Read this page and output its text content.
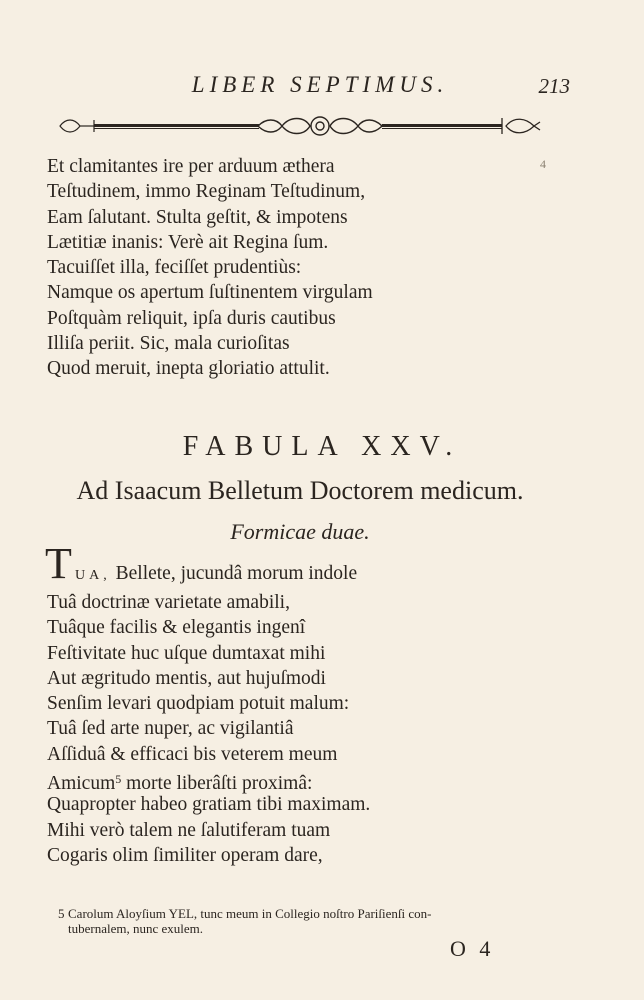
LIBER SEPTIMUS.	213
4
Et clamitantes ire per arduum æthera
Teſtudinem, immo Reginam Teſtudinum,
Eam ſalutant. Stulta geſtit, & impotens
Lætitiæ inanis: Verè ait Regina ſum.
Tacuiſſet illa, feciſſet prudentiùs:
Namque os apertum ſuſtinentem virgulam
Poſtquàm reliquit, ipſa duris cautibus
Illiſa periit. Sic, mala curioſitas
Quod meruit, inepta gloriatio attulit.
FABULA XXV.
Ad Isaacum Belletum Doctorem medicum.
Formicae duae.
T UA, Bellete, jucundâ morum indole
Tuâ doctrinæ varietate amabili,
Tuâque facilis & elegantis ingenî
Feſtivitate huc uſque dumtaxat mihi
Aut ægritudo mentis, aut hujuſmodi
Senſim levari quodpiam potuit malum:
Tuâ ſed arte nuper, ac vigilantiâ
Aſſiduâ & efficaci bis veterem meum
Amicum$^5$ morte liberâſti proximâ:
Quapropter habeo gratiam tibi maximam.
Mihi verò talem ne ſalutiferam tuam
Cogaris olim ſimiliter operam dare,
5 Carolum Aloyſium YEL, tunc meum in Collegio noſtro Pariſienſi con-
tubernalem, nunc exulem.
O 4
